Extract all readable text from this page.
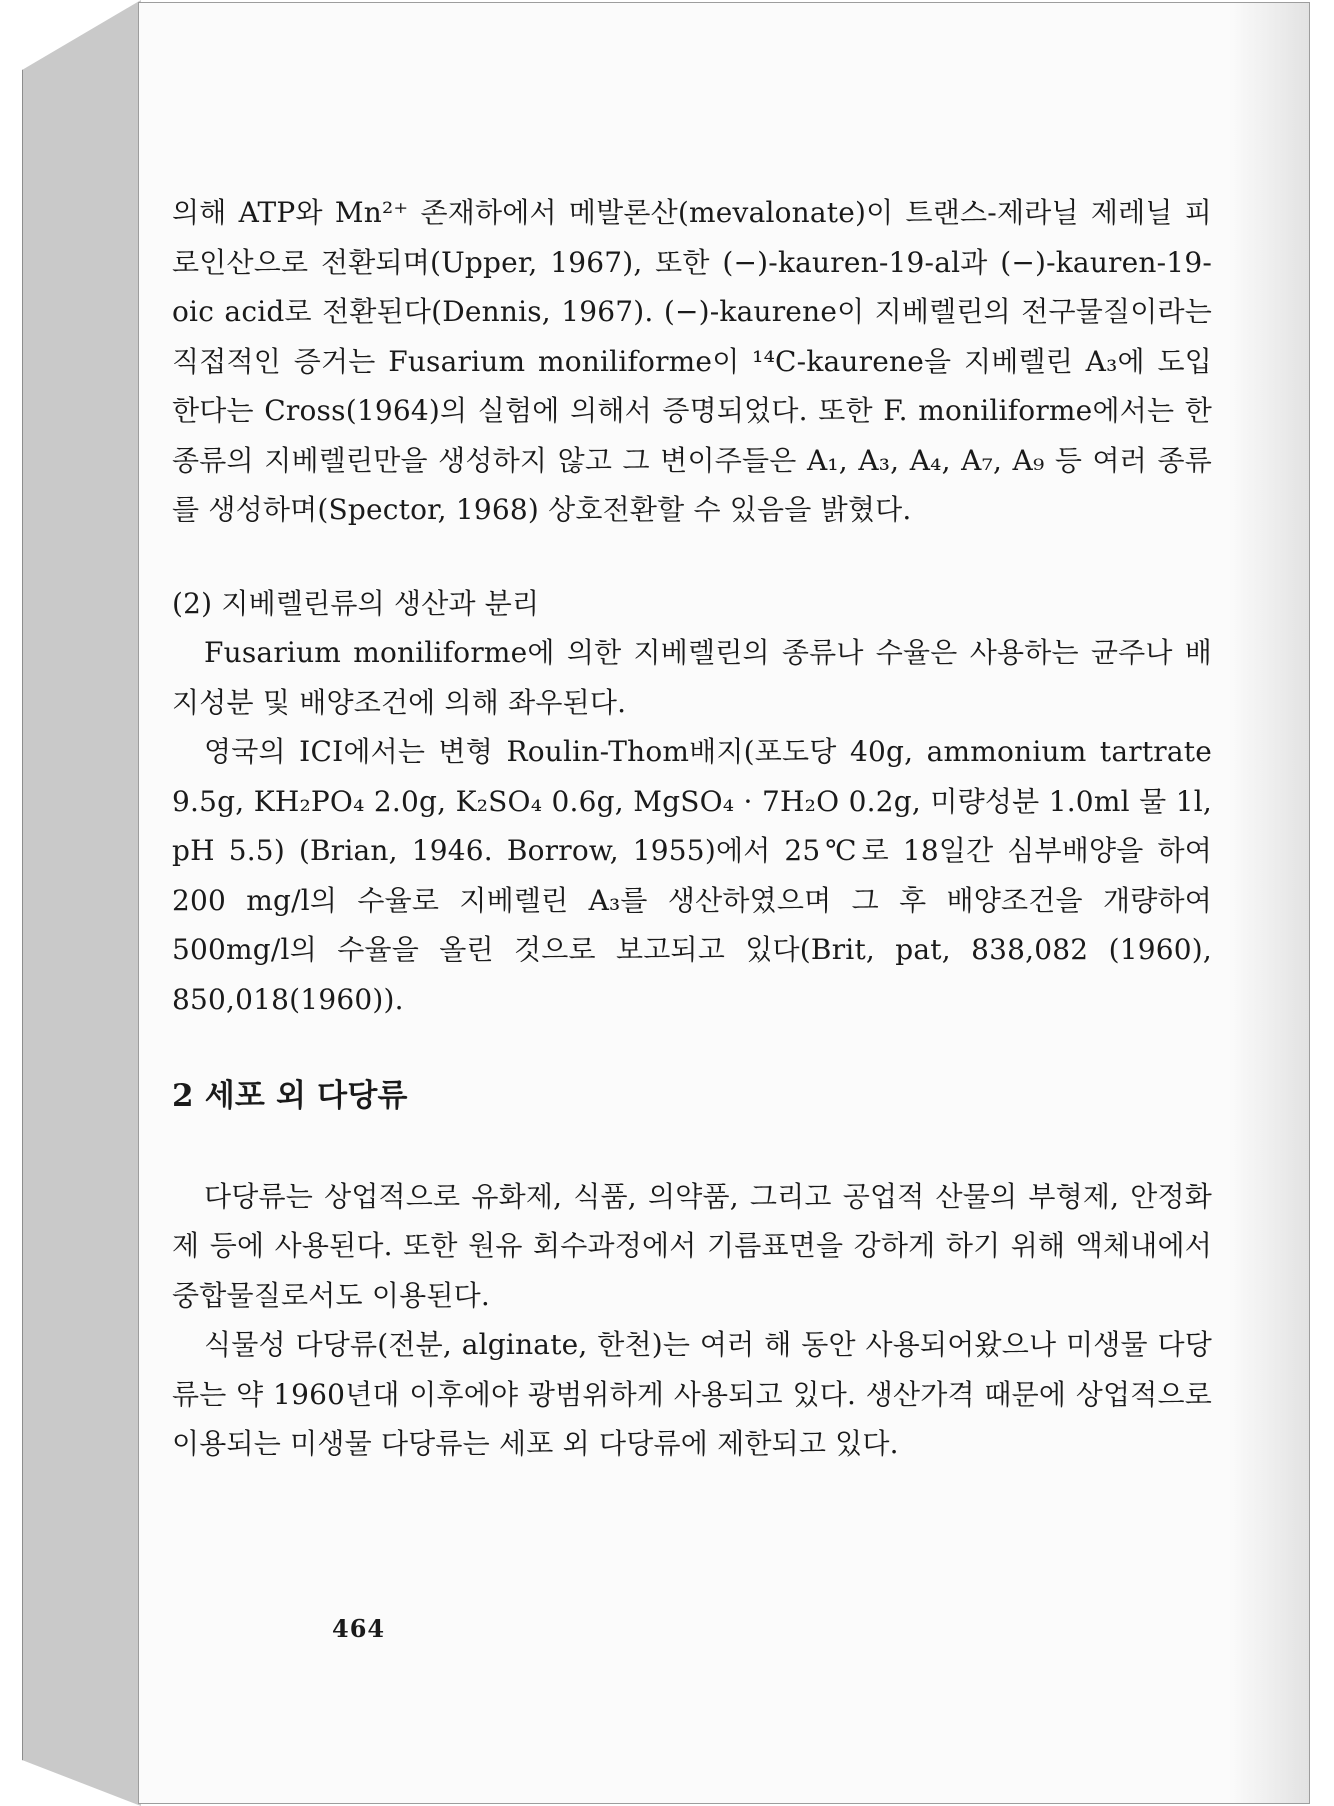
의해 ATP와 Mn²⁺ 존재하에서 메발론산(mevalonate)이 트랜스-제라닐 제레닐 피로인산으로 전환되며(Upper, 1967), 또한 (−)-kauren-19-al과 (−)-kauren-19-oic acid로 전환된다(Dennis, 1967). (−)-kaurene이 지베렐린의 전구물질이라는 직접적인 증거는 Fusarium moniliforme이 ¹⁴C-kaurene을 지베렐린 A₃에 도입한다는 Cross(1964)의 실험에 의해서 증명되었다. 또한 F. moniliforme에서는 한 종류의 지베렐린만을 생성하지 않고 그 변이주들은 A₁, A₃, A₄, A₇, A₉ 등 여러 종류를 생성하며(Spector, 1968) 상호전환할 수 있음을 밝혔다.

(2) 지베렐린류의 생산과 분리

Fusarium moniliforme에 의한 지베렐린의 종류나 수율은 사용하는 균주나 배지성분 및 배양조건에 의해 좌우된다.

영국의 ICI에서는 변형 Roulin-Thom배지(포도당 40g, ammonium tartrate 9.5g, KH₂PO₄ 2.0g, K₂SO₄ 0.6g, MgSO₄ · 7H₂O 0.2g, 미량성분 1.0ml 물 1l, pH 5.5) (Brian, 1946. Borrow, 1955)에서 25℃로 18일간 심부배양을 하여 200 mg/l의 수율로 지베렐린 A₃를 생산하였으며 그 후 배양조건을 개량하여 500mg/l의 수율을 올린 것으로 보고되고 있다(Brit, pat, 838,082 (1960), 850,018(1960)).

2 세포 외 다당류

다당류는 상업적으로 유화제, 식품, 의약품, 그리고 공업적 산물의 부형제, 안정화제 등에 사용된다. 또한 원유 회수과정에서 기름표면을 강하게 하기 위해 액체내에서 중합물질로서도 이용된다.

식물성 다당류(전분, alginate, 한천)는 여러 해 동안 사용되어왔으나 미생물 다당류는 약 1960년대 이후에야 광범위하게 사용되고 있다. 생산가격 때문에 상업적으로 이용되는 미생물 다당류는 세포 외 다당류에 제한되고 있다.

464
